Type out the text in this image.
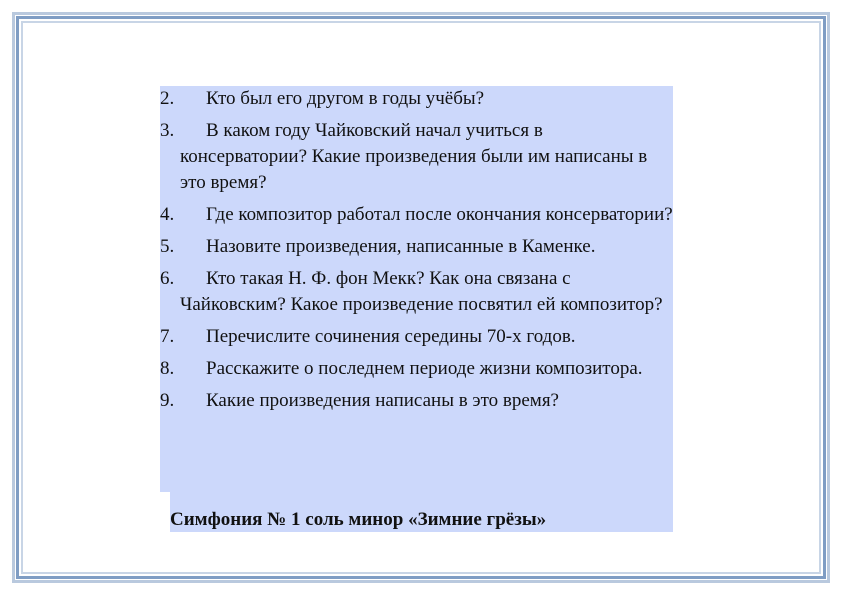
2.	Кто был его другом в годы учёбы?
3.	В каком году Чайковский начал учиться в консерватории? Какие произведения были им написаны в это время?
4.	Где композитор работал после окончания консерватории?
5.	Назовите произведения, написанные в Каменке.
6.	Кто такая Н. Ф. фон Мекк? Как она связана с Чайковским? Какое произведение посвятил ей композитор?
7.	Перечислите сочинения середины 70-х годов.
8.	Расскажите о последнем периоде жизни композитора.
9.	Какие произведения написаны в это время?
Симфония № 1 соль минор «Зимние грёзы»
